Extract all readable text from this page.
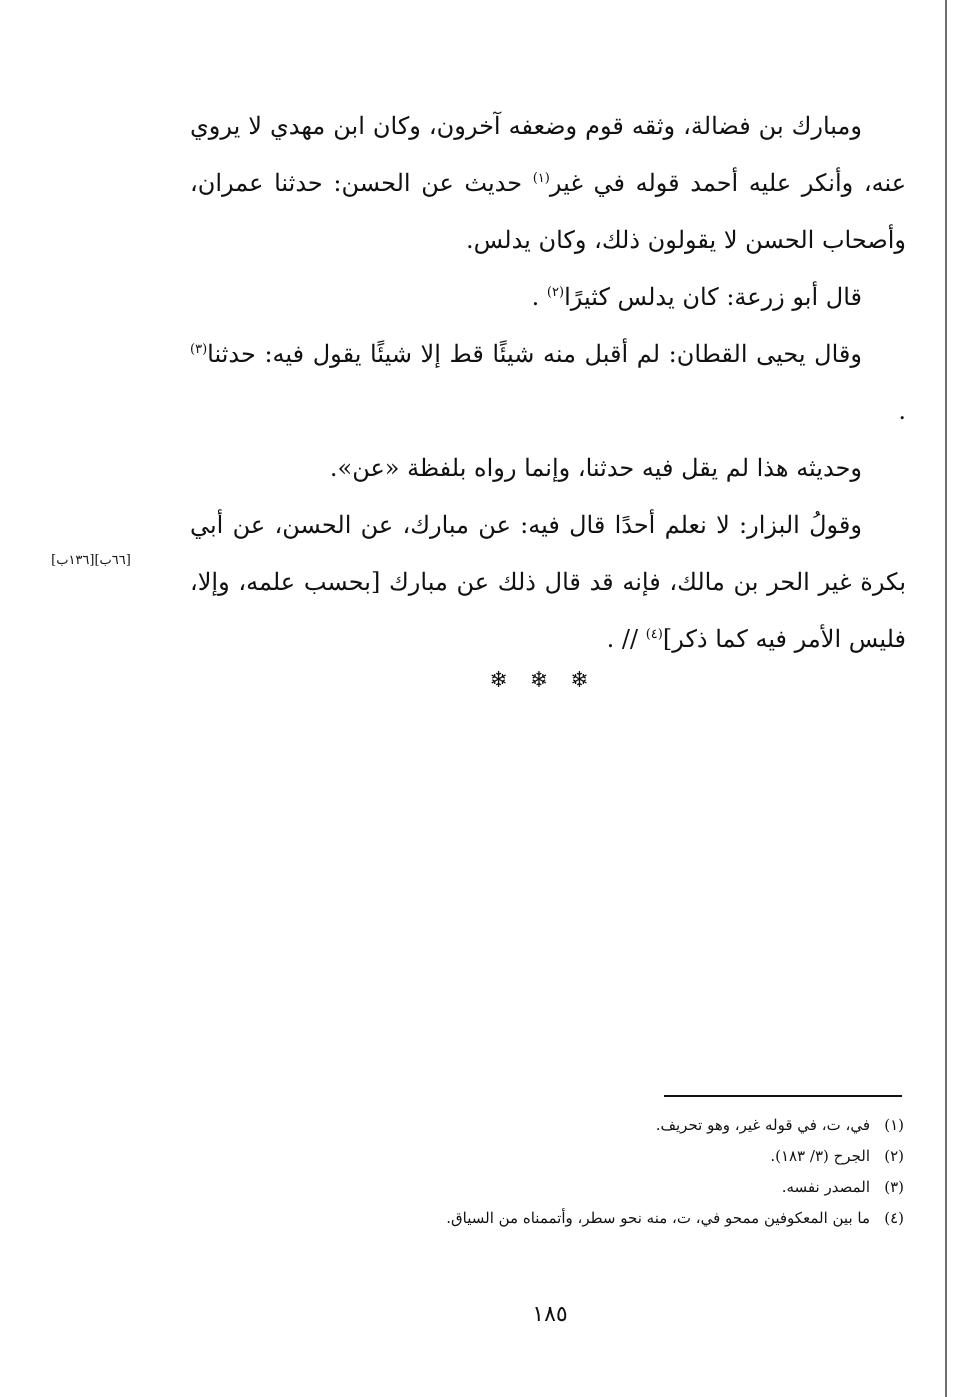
ومبارك بن فضالة، وثقه قوم وضعفه آخرون، وكان ابن مهدي لا يروي عنه، وأنكر عليه أحمد قوله في غير$^{(١)}$ حديث عن الحسن: حدثنا عمران، وأصحاب الحسن لا يقولون ذلك، وكان يدلس.

قال أبو زرعة: كان يدلس كثيرًا$^{(٢)}$ .

وقال يحيى القطان: لم أقبل منه شيئًا قط إلا شيئًا يقول فيه: حدثنا$^{(٣)}$ .

وحديثه هذا لم يقل فيه حدثنا، وإنما رواه بلفظة «عن».

وقولُ البزار: لا نعلم أحدًا قال فيه: عن مبارك، عن الحسن، عن أبي بكرة غير الحر بن مالك، فإنه قد قال ذلك عن مبارك [بحسب علمه، وإلا، فليس الأمر فيه كما ذكر]$^{(٤)}$ // .

[٦٦ب][١٣٦ب]
❄❄❄
(١)
في، ت، في قوله غير، وهو تحريف.
(٢)
الجرح (٣/ ١٨٣).
(٣)
المصدر نفسه.
(٤)
ما بين المعكوفين ممحو في، ت، منه نحو سطر، وأتممناه من السياق.
١٨٥
